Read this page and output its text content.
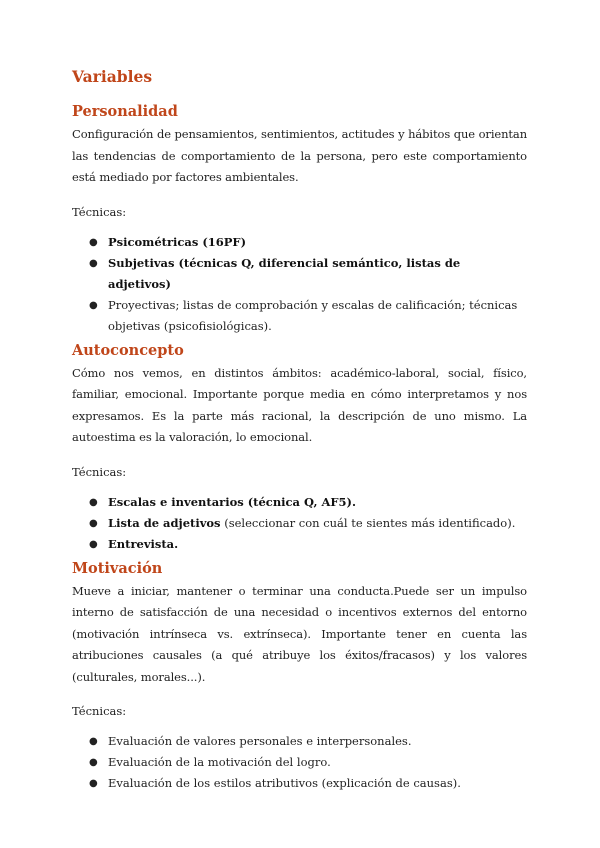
Variables
Personalidad

Configuración de pensamientos, sentimientos, actitudes y hábitos que orientan las tendencias de comportamiento de la persona, pero este comportamiento está mediado por factores ambientales.

Técnicas:

● Psicométricas (16PF)
● Subjetivas (técnicas Q, diferencial semántico, listas de adjetivos)
● Proyectivas; listas de comprobación y escalas de calificación; técnicas objetivas (psicofisiológicas).
Autoconcepto

Cómo nos vemos, en distintos ámbitos: académico-laboral, social, físico, familiar, emocional. Importante porque media en cómo interpretamos y nos expresamos. Es la parte más racional, la descripción de uno mismo. La autoestima es la valoración, lo emocional.

Técnicas:

● Escalas e inventarios (técnica Q, AF5).
● Lista de adjetivos (seleccionar con cuál te sientes más identificado).
● Entrevista.
Motivación

Mueve a iniciar, mantener o terminar una conducta.Puede ser un impulso interno de satisfacción de una necesidad o incentivos externos del entorno (motivación intrínseca vs. extrínseca). Importante tener en cuenta las atribuciones causales (a qué atribuye los éxitos/fracasos) y los valores (culturales, morales...).

Técnicas:

● Evaluación de valores personales e interpersonales.
● Evaluación de la motivación del logro.
● Evaluación de los estilos atributivos (explicación de causas).
